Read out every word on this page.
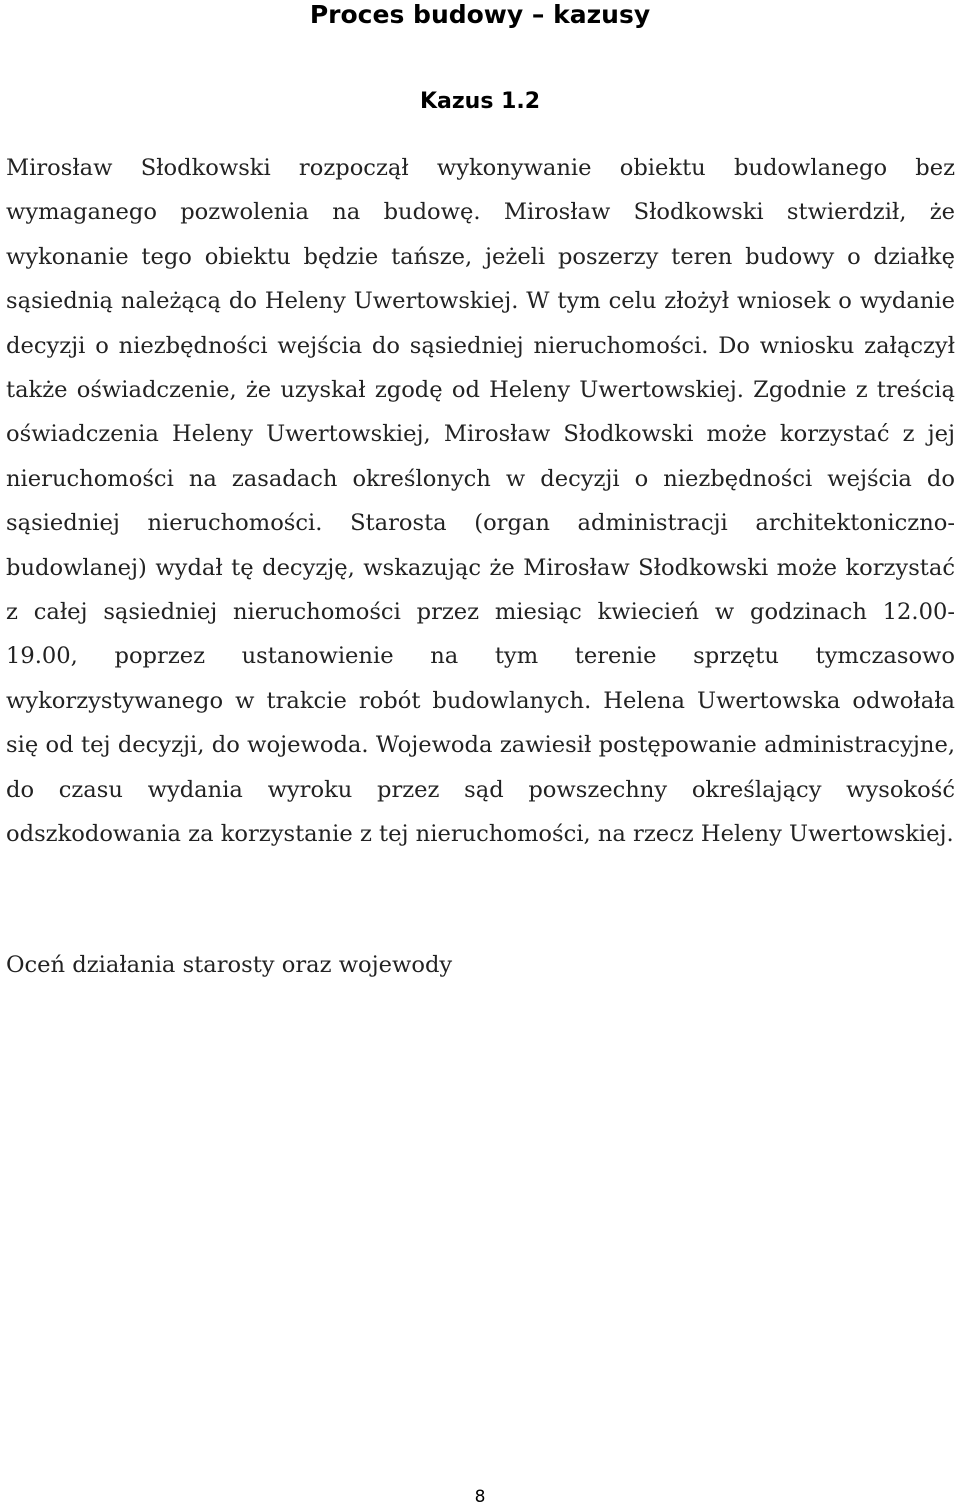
Proces budowy – kazusy
Kazus 1.2

Mirosław Słodkowski rozpoczął wykonywanie obiektu budowlanego bez wymaganego pozwolenia na budowę. Mirosław Słodkowski stwierdził, że wykonanie tego obiektu będzie tańsze, jeżeli poszerzy teren budowy o działkę sąsiednią należącą do Heleny Uwertowskiej. W tym celu złożył wniosek o wydanie decyzji o niezbędności wejścia do sąsiedniej nieruchomości. Do wniosku załączył także oświadczenie, że uzyskał zgodę od Heleny Uwertowskiej. Zgodnie z treścią oświadczenia Heleny Uwertowskiej, Mirosław Słodkowski może korzystać z jej nieruchomości na zasadach określonych w decyzji o niezbędności wejścia do sąsiedniej nieruchomości. Starosta (organ administracji architektoniczno-budowlanej) wydał tę decyzję, wskazując że Mirosław Słodkowski może korzystać z całej sąsiedniej nieruchomości przez miesiąc kwiecień w godzinach 12.00- 19.00, poprzez ustanowienie na tym terenie sprzętu tymczasowo wykorzystywanego w trakcie robót budowlanych. Helena Uwertowska odwołała się od tej decyzji, do wojewoda. Wojewoda zawiesił postępowanie administracyjne, do czasu wydania wyroku przez sąd powszechny określający wysokość odszkodowania za korzystanie z tej nieruchomości, na rzecz Heleny Uwertowskiej.

Oceń działania starosty oraz wojewody

8
